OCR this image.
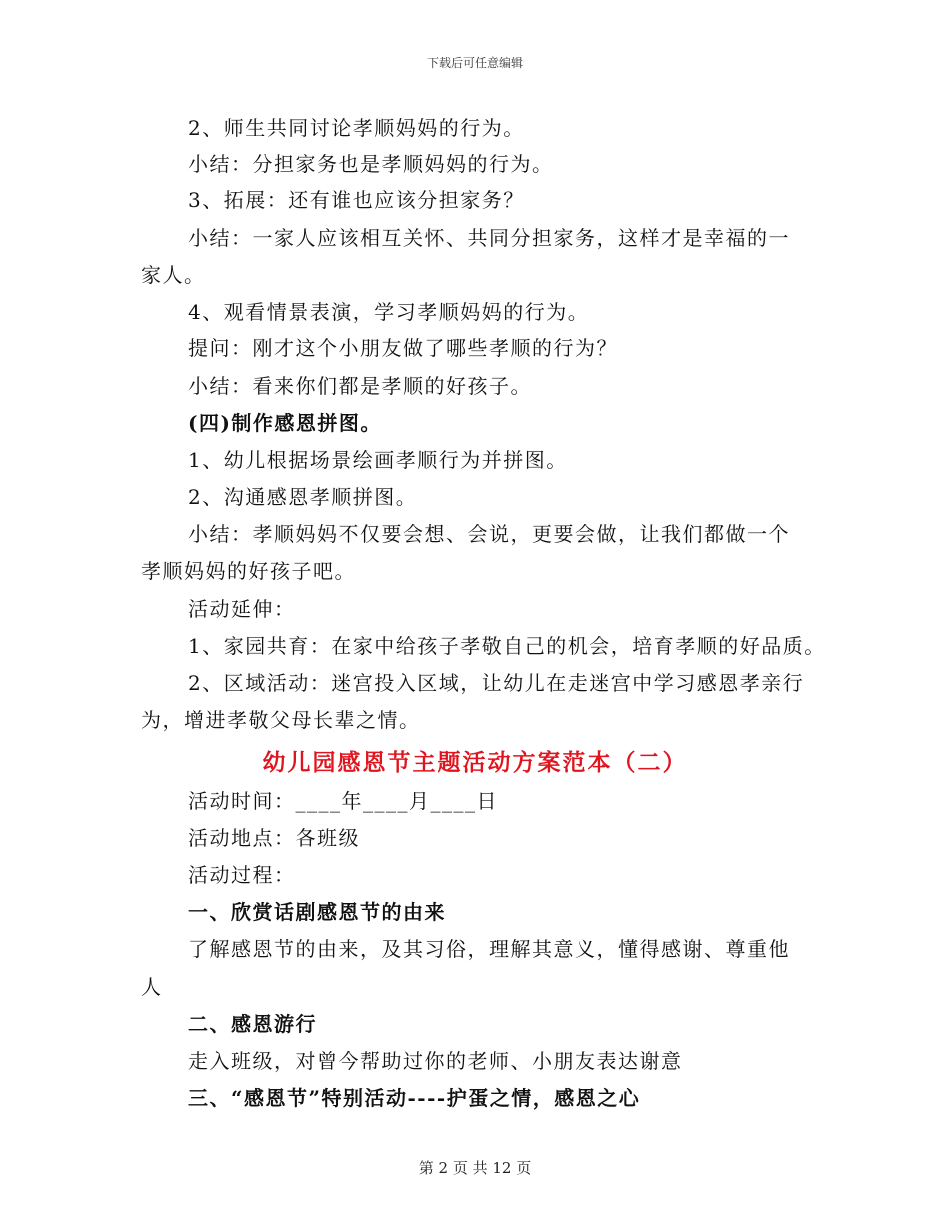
下载后可任意编辑
2、师生共同讨论孝顺妈妈的行为。
小结：分担家务也是孝顺妈妈的行为。
3、拓展：还有谁也应该分担家务？
小结：一家人应该相互关怀、共同分担家务，这样才是幸福的一
家人。
4、观看情景表演，学习孝顺妈妈的行为。
提问：刚才这个小朋友做了哪些孝顺的行为？
小结：看来你们都是孝顺的好孩子。
(四)制作感恩拼图。
1、幼儿根据场景绘画孝顺行为并拼图。
2、沟通感恩孝顺拼图。
小结：孝顺妈妈不仅要会想、会说，更要会做，让我们都做一个
孝顺妈妈的好孩子吧。
活动延伸：
1、家园共育：在家中给孩子孝敬自己的机会，培育孝顺的好品质。
2、区域活动：迷宫投入区域，让幼儿在走迷宫中学习感恩孝亲行
为，增进孝敬父母长辈之情。
幼儿园感恩节主题活动方案范本（二）
活动时间：____年____月____日
活动地点：各班级
活动过程：
一、欣赏话剧感恩节的由来
了解感恩节的由来，及其习俗，理解其意义，懂得感谢、尊重他
人
二、感恩游行
走入班级，对曾今帮助过你的老师、小朋友表达谢意
三、“感恩节”特别活动----护蛋之情，感恩之心
第 2 页 共 12 页
